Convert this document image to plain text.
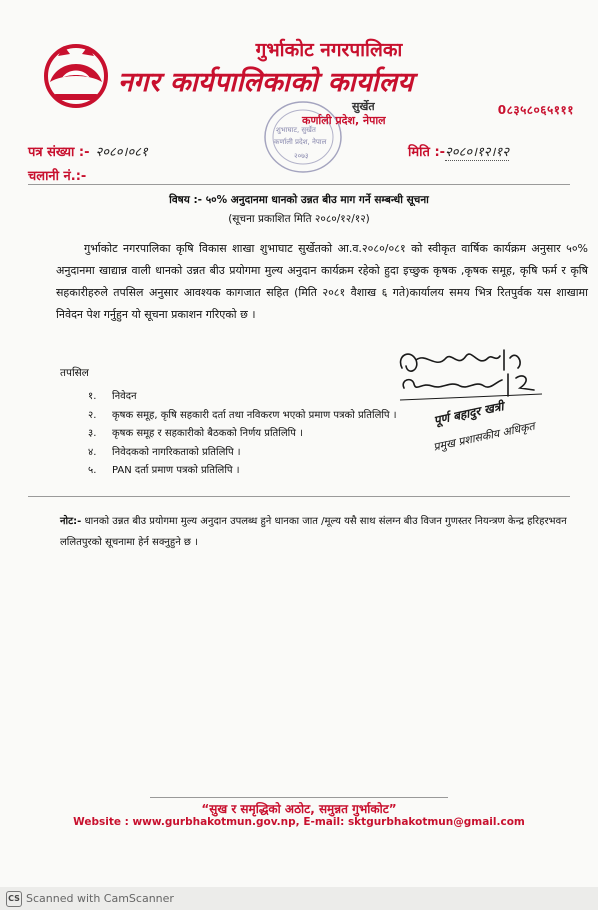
गुर्भाकोट नगरपालिका
नगर कार्यपालिकाको कार्यालय
शुभाघाट, सुर्खेत
कर्णाली प्रदेश, नेपाल
२०७३
सुर्खेत
कर्णाली प्रदेश, नेपाल
0८३५८०६५१११
पत्र संख्या :- २०८०।०८१
चलानी नं.:-
मिति :-२०८०।१२।१२
विषय :- ५०% अनुदानमा धानको उन्नत बीउ माग गर्ने सम्बन्धी सूचना
(सूचना प्रकाशित मिति २०८०/१२/१२)
गुर्भाकोट नगरपालिका कृषि विकास शाखा शुभाघाट सुर्खेतको आ.व.२०८०/०८१ को स्वीकृत वार्षिक कार्यक्रम अनुसार ५०% अनुदानमा खाद्यान्न वाली धानको उन्नत बीउ प्रयोगमा मुल्य अनुदान कार्यक्रम रहेको हुदा इच्छुक कृषक ,कृषक समूह, कृषि फर्म र कृषि सहकारीहरुले तपसिल अनुसार आवश्यक कागजात सहित (मिति २०८१ वैशाख ६ गते)कार्यालय समय भित्र रितपुर्वक यस शाखामा निवेदन पेश गर्नुहुन यो सूचना प्रकाशन गरिएको छ ।
तपसिल
१. निवेदन
२. कृषक समूह, कृषि सहकारी दर्ता तथा नविकरण भएको प्रमाण पत्रको प्रतिलिपि ।
३. कृषक समूह र सहकारीको बैठकको निर्णय प्रतिलिपि ।
४. निवेदकको नागरिकताको प्रतिलिपि ।
५. PAN दर्ता प्रमाण पत्रको प्रतिलिपि ।
पूर्ण बहादुर खत्री
प्रमुख प्रशासकीय अधिकृत
नोट:- धानको उन्नत बीउ प्रयोगमा मुल्य अनुदान उपलब्ध हुने धानका जात /मूल्य यसै साथ संलग्न बीउ विजन गुणस्तर नियन्त्रण केन्द्र हरिहरभवन ललितपुरको सूचनामा हेर्न सक्नुहुने छ ।
“सुख र समृद्धिको अठोट, समुन्नत गुर्भाकोट”
Website : www.gurbhakotmun.gov.np, E-mail: sktgurbhakotmun@gmail.com
CS Scanned with CamScanner
